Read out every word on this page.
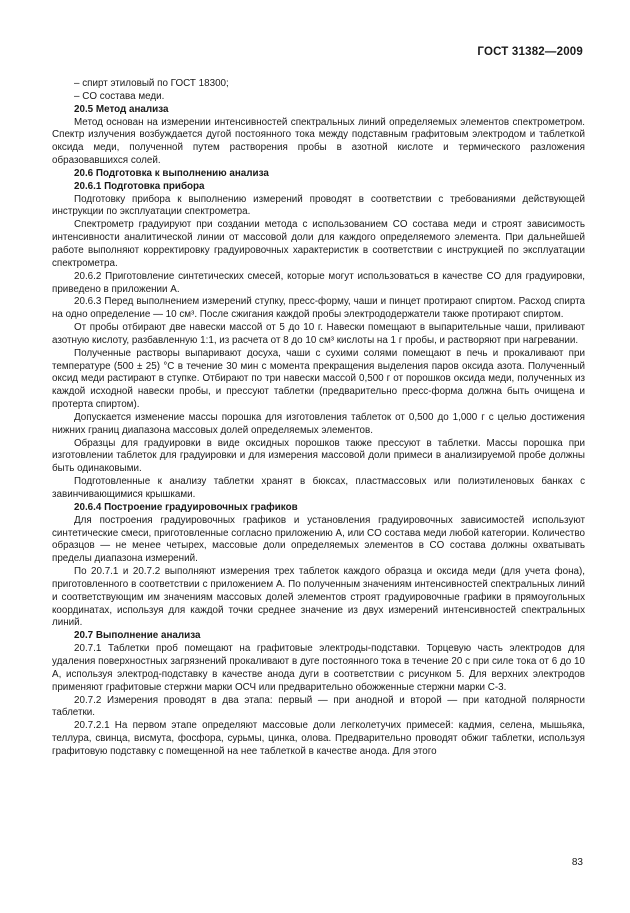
ГОСТ 31382—2009

– спирт этиловый по ГОСТ 18300;

– CO состава меди.

20.5 Метод анализа

Метод основан на измерении интенсивностей спектральных линий определяемых элементов спектрометром. Спектр излучения возбуждается дугой постоянного тока между подставным графитовым электродом и таблеткой оксида меди, полученной путем растворения пробы в азотной кислоте и термического разложения образовавшихся солей.

20.6 Подготовка к выполнению анализа

20.6.1 Подготовка прибора

Подготовку прибора к выполнению измерений проводят в соответствии с требованиями действующей инструкции по эксплуатации спектрометра.

Спектрометр градуируют при создании метода с использованием CO состава меди и строят зависимость интенсивности аналитической линии от массовой доли для каждого определяемого элемента. При дальнейшей работе выполняют корректировку градуировочных характеристик в соответствии с инструкцией по эксплуатации спектрометра.

20.6.2 Приготовление синтетических смесей, которые могут использоваться в качестве CO для градуировки, приведено в приложении А.

20.6.3 Перед выполнением измерений ступку, пресс-форму, чаши и пинцет протирают спиртом. Расход спирта на одно определение — 10 см³. После сжигания каждой пробы электрододержатели также протирают спиртом.

От пробы отбирают две навески массой от 5 до 10 г. Навески помещают в выпарительные чаши, приливают азотную кислоту, разбавленную 1:1, из расчета от 8 до 10 см³ кислоты на 1 г пробы, и растворяют при нагревании.

Полученные растворы выпаривают досуха, чаши с сухими солями помещают в печь и прокаливают при температуре (500 ± 25) °С в течение 30 мин с момента прекращения выделения паров оксида азота. Полученный оксид меди растирают в ступке. Отбирают по три навески массой 0,500 г от порошков оксида меди, полученных из каждой исходной навески пробы, и прессуют таблетки (предварительно пресс-форма должна быть очищена и протерта спиртом).

Допускается изменение массы порошка для изготовления таблеток от 0,500 до 1,000 г с целью достижения нижних границ диапазона массовых долей определяемых элементов.

Образцы для градуировки в виде оксидных порошков также прессуют в таблетки. Массы порошка при изготовлении таблеток для градуировки и для измерения массовой доли примеси в анализируемой пробе должны быть одинаковыми.

Подготовленные к анализу таблетки хранят в бюксах, пластмассовых или полиэтиленовых банках с завинчивающимися крышками.

20.6.4 Построение градуировочных графиков

Для построения градуировочных графиков и установления градуировочных зависимостей используют синтетические смеси, приготовленные согласно приложению А, или CO состава меди любой категории. Количество образцов — не менее четырех, массовые доли определяемых элементов в CO состава должны охватывать пределы диапазона измерений.

По 20.7.1 и 20.7.2 выполняют измерения трех таблеток каждого образца и оксида меди (для учета фона), приготовленного в соответствии с приложением А. По полученным значениям интенсивностей спектральных линий и соответствующим им значениям массовых долей элементов строят градуировочные графики в прямоугольных координатах, используя для каждой точки среднее значение из двух измерений интенсивностей спектральных линий.

20.7 Выполнение анализа

20.7.1 Таблетки проб помещают на графитовые электроды-подставки. Торцевую часть электродов для удаления поверхностных загрязнений прокаливают в дуге постоянного тока в течение 20 с при силе тока от 6 до 10 А, используя электрод-подставку в качестве анода дуги в соответствии с рисунком 5. Для верхних электродов применяют графитовые стержни марки ОСЧ или предварительно обожженные стержни марки С-3.

20.7.2 Измерения проводят в два этапа: первый — при анодной и второй — при катодной полярности таблетки.

20.7.2.1 На первом этапе определяют массовые доли легколетучих примесей: кадмия, селена, мышьяка, теллура, свинца, висмута, фосфора, сурьмы, цинка, олова. Предварительно проводят обжиг таблетки, используя графитовую подставку с помещенной на нее таблеткой в качестве анода. Для этого

83
